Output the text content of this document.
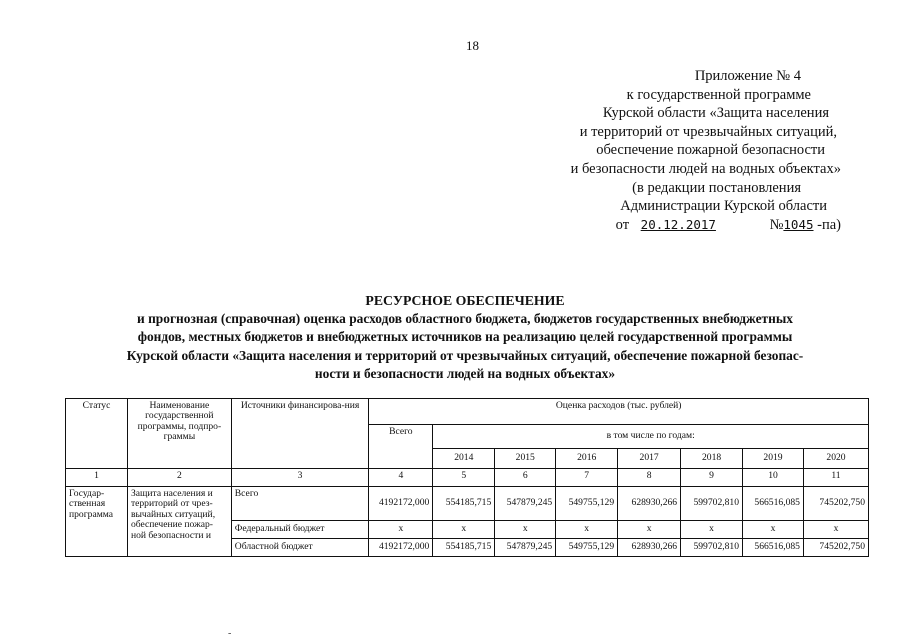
18
Приложение № 4
к государственной программе
Курской области «Защита населения
и территорий от чрезвычайных ситуаций,
обеспечение пожарной безопасности
и безопасности людей на водных объектах»
(в редакции постановления
Администрации Курской области
от 20.12.2017	№1045 -па)
РЕСУРСНОЕ ОБЕСПЕЧЕНИЕ
и прогнозная (справочная) оценка расходов областного бюджета, бюджетов государственных внебюджетных
фондов, местных бюджетов и внебюджетных источников на реализацию целей государственной программы
Курской области «Защита населения и территорий от чрезвычайных ситуаций, обеспечение пожарной безопас-
ности и безопасности людей на водных объектах»
Статус	Наименование государственной программы, подпро-граммы	Источники финансирова-ния	Оценка расходов (тыс. рублей)							
			Всего	в том числе по годам:						
				2014	2015	2016	2017	2018	2019	2020
1	2	3	4	5	6	7	8	9	10	11
Государ-ственная программа	Защита населения и территорий от чрез-вычайных ситуаций, обеспечение пожар-ной безопасности и	Всего	4192172,000	554185,715	547879,245	549755,129	628930,266	599702,810	566516,085	745202,750
		Федеральный бюджет	x	x	x	x	x	x	x	x
		Областной бюджет	4192172,000	554185,715	547879,245	549755,129	628930,266	599702,810	566516,085	745202,750
-
